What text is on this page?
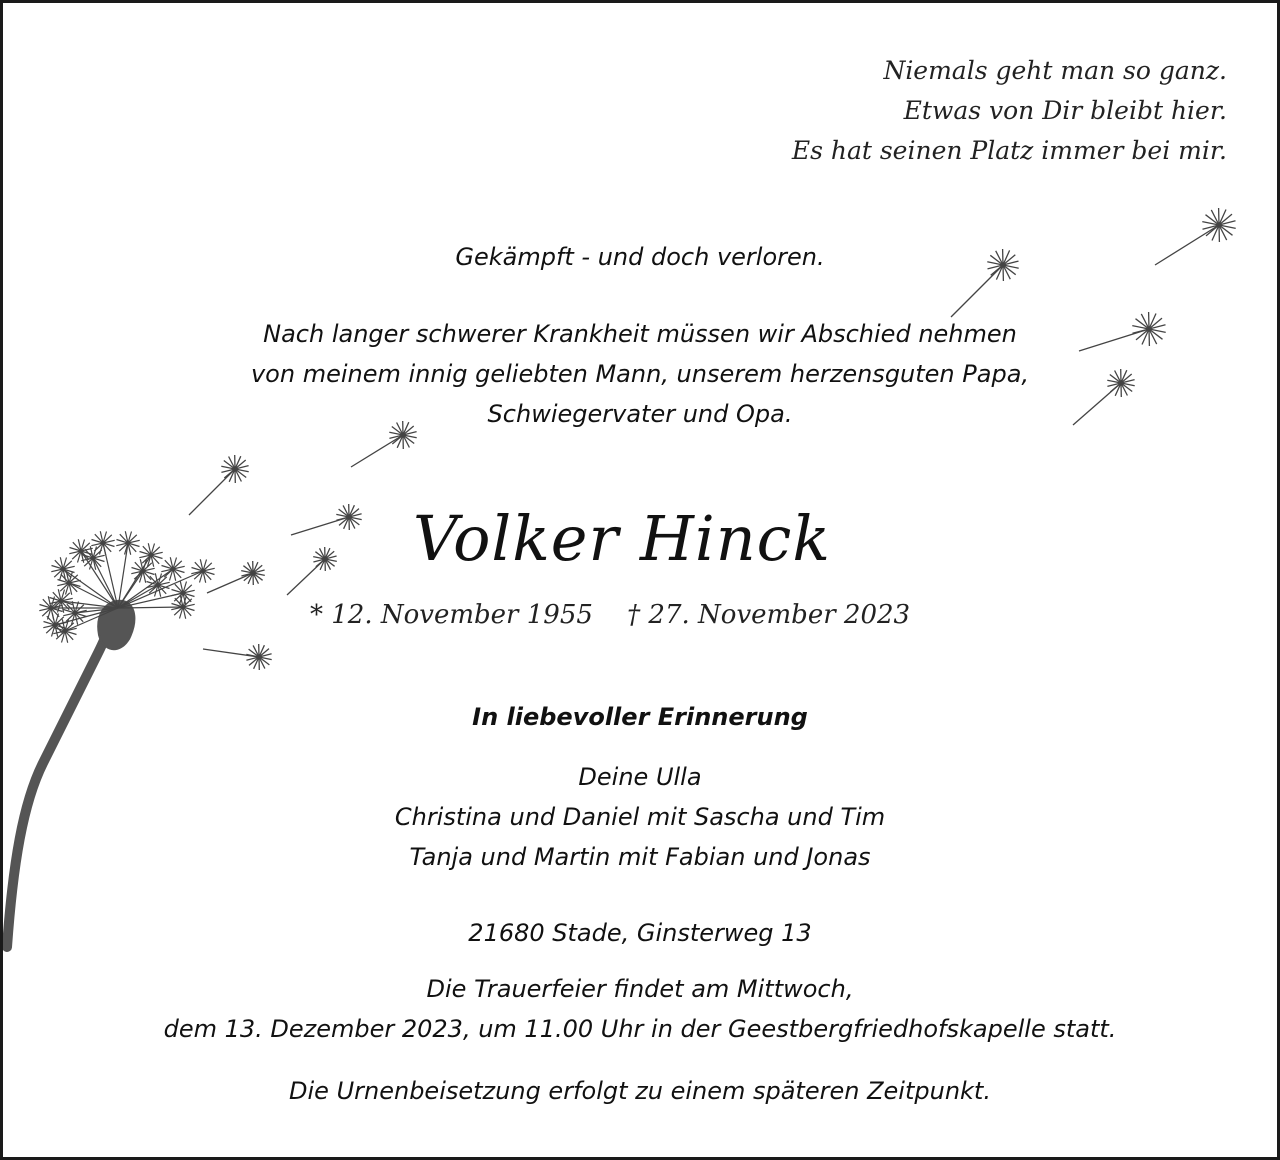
Niemals geht man so ganz.
Etwas von Dir bleibt hier.
Es hat seinen Platz immer bei mir.
Gekämpft - und doch verloren.
Nach langer schwerer Krankheit müssen wir Abschied nehmen
von meinem innig geliebten Mann, unserem herzensguten Papa,
Schwiegervater und Opa.
Volker Hinck
* 12. November 1955 † 27. November 2023
In liebevoller Erinnerung
Deine Ulla
Christina und Daniel mit Sascha und Tim
Tanja und Martin mit Fabian und Jonas
21680 Stade, Ginsterweg 13
Die Trauerfeier findet am Mittwoch,
dem 13. Dezember 2023, um 11.00 Uhr in der Geestbergfriedhofskapelle statt.
Die Urnenbeisetzung erfolgt zu einem späteren Zeitpunkt.
